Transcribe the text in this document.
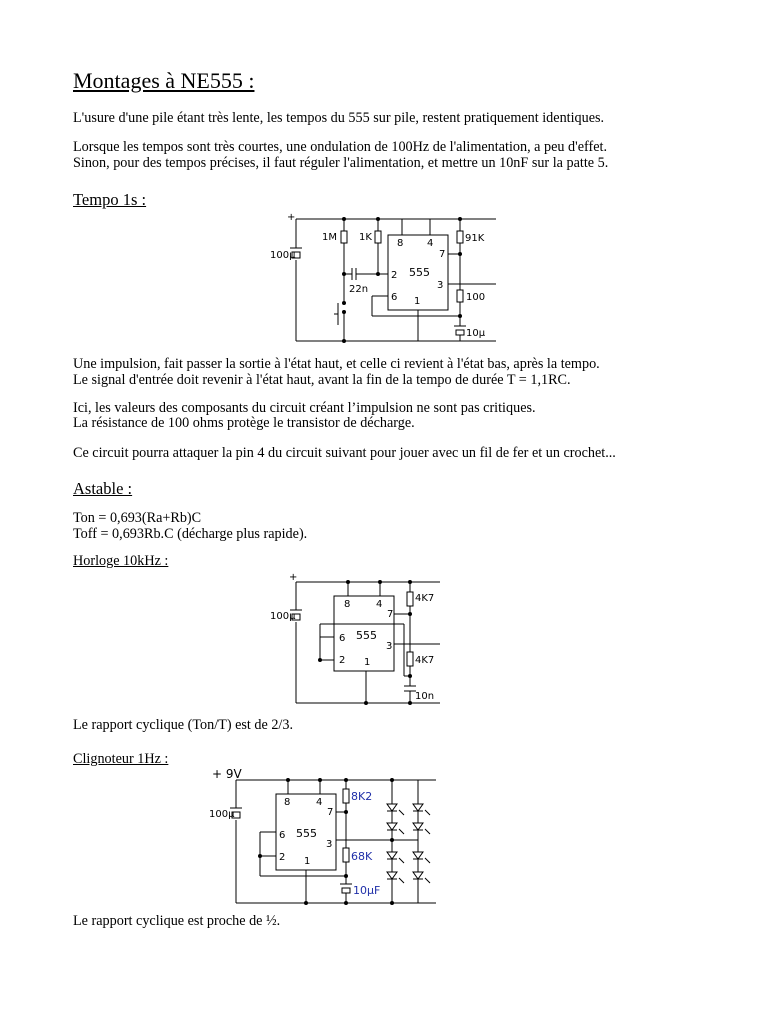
Montages à NE555 :
L'usure d'une pile étant très lente, les tempos du 555 sur pile, restent pratiquement identiques.
Lorsque les tempos sont très courtes, une ondulation de 100Hz de l'alimentation, a peu d'effet.
Sinon, pour des tempos précises, il faut réguler l'alimentation, et mettre un 10nF sur la patte 5.
Tempo 1s :
+
100µ
1M 1K
22n
555
8 4
7
2
3
6 1
91K
100
10µ
Une impulsion, fait passer la sortie à l'état haut, et celle ci revient à l'état bas, après la tempo.
Le signal d'entrée doit revenir à l'état haut, avant la fin de la tempo de durée T = 1,1RC.
Ici, les valeurs des composants du circuit créant l’impulsion ne sont pas critiques.
La résistance de 100 ohms protège le transistor de décharge.
Ce circuit pourra attaquer la pin 4 du circuit suivant pour jouer avec un fil de fer et un crochet...
Astable :
Ton = 0,693(Ra+Rb)C
Toff = 0,693Rb.C (décharge plus rapide).
Horloge 10kHz :
+
100µ
555
8	4
7
6
3
2 1
4K7
4K7
10n
Le rapport cyclique (Ton/T) est de 2/3.
Clignoteur 1Hz :
+ 9V
100µ
555
8	4
7
6
3
2 1
8K2
68K
10µF
Le rapport cyclique est proche de ½.
